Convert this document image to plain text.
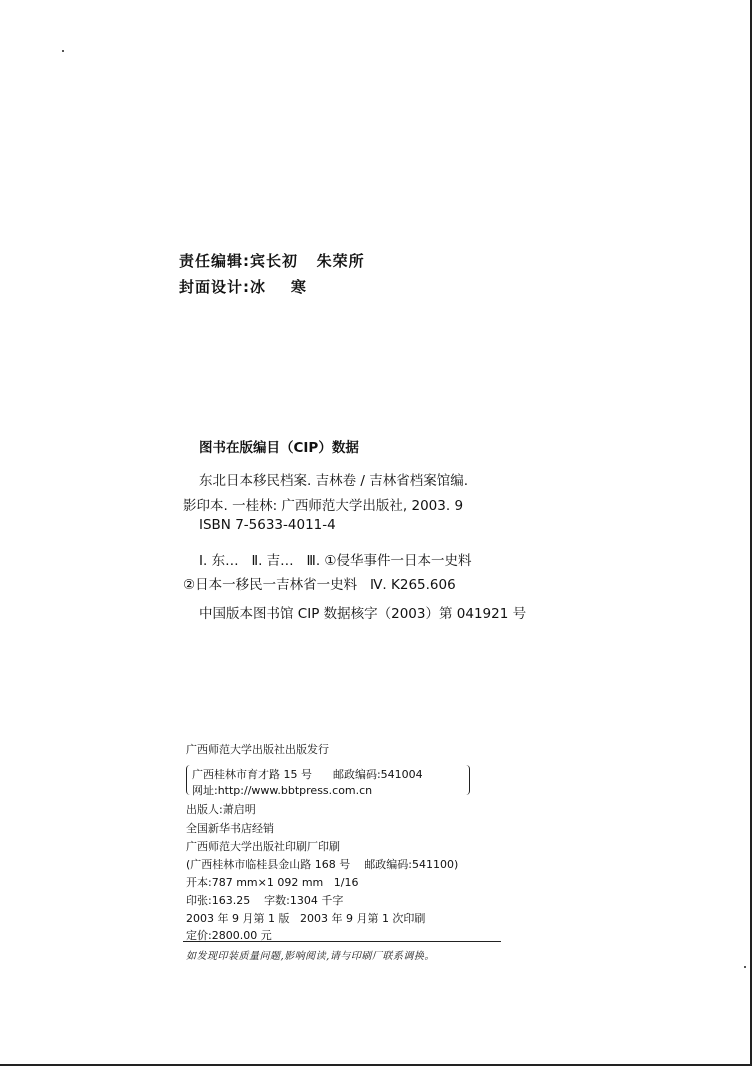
责任编辑:宾长初   朱荣所
封面设计:冰    寒
图书在版编目（CIP）数据
东北日本移民档案. 吉林卷 / 吉林省档案馆编.
影印本. 一桂林: 广西师范大学出版社, 2003. 9
ISBN 7-5633-4011-4
Ⅰ. 东…   Ⅱ. 吉…   Ⅲ. ①侵华事件一日本一史料
②日本一移民一吉林省一史料   Ⅳ. K265.606
中国版本图书馆 CIP 数据核字（2003）第 041921 号
广西师范大学出版社出版发行
广西桂林市育才路 15 号      邮政编码:541004
网址:http://www.bbtpress.com.cn
出版人:萧启明
全国新华书店经销
广西师范大学出版社印刷厂印刷
(广西桂林市临桂县金山路 168 号    邮政编码:541100)
开本:787 mm×1 092 mm   1/16
印张:163.25    字数:1304 千字
2003 年 9 月第 1 版   2003 年 9 月第 1 次印刷
定价:2800.00 元
如发现印装质量问题,影响阅读,请与印刷厂联系调换。
